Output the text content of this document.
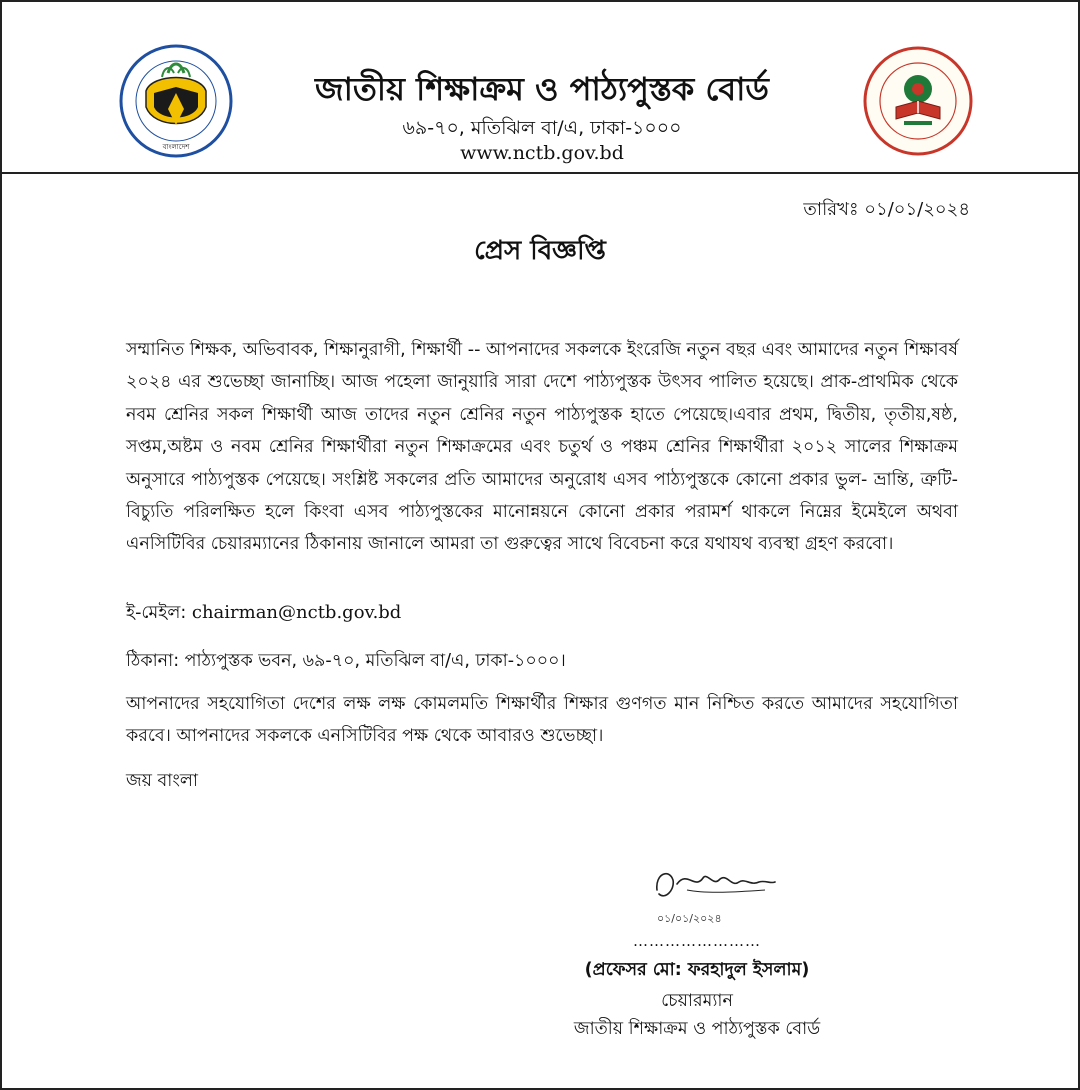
বাংলাদেশ
জাতীয় শিক্ষাক্রম ও পাঠ্যপুস্তক বোর্ড
৬৯-৭০, মতিঝিল বা/এ, ঢাকা-১০০০
www.nctb.gov.bd
তারিখঃ ০১/০১/২০২৪
প্রেস বিজ্ঞপ্তি

সম্মানিত শিক্ষক, অভিবাবক, শিক্ষানুরাগী, শিক্ষার্থী -- আপনাদের সকলকে ইংরেজি নতুন বছর এবং আমাদের নতুন শিক্ষাবর্ষ ২০২৪ এর শুভেচ্ছা জানাচ্ছি। আজ পহেলা জানুয়ারি সারা দেশে পাঠ্যপুস্তক উৎসব পালিত হয়েছে। প্রাক-প্রাথমিক থেকে নবম শ্রেনির সকল শিক্ষার্থী আজ তাদের নতুন শ্রেনির নতুন পাঠ্যপুস্তক হাতে পেয়েছে।এবার প্রথম, দ্বিতীয়, তৃতীয়,ষষ্ঠ, সপ্তম,অষ্টম ও নবম শ্রেনির শিক্ষার্থীরা নতুন শিক্ষাক্রমের এবং চতুর্থ ও পঞ্চম শ্রেনির শিক্ষার্থীরা ২০১২ সালের শিক্ষাক্রম অনুসারে পাঠ্যপুস্তক পেয়েছে। সংশ্লিষ্ট সকলের প্রতি আমাদের অনুরোধ এসব পাঠ্যপুস্তকে কোনো প্রকার ভুল- ভ্রান্তি, ত্রুটি-বিচ্যুতি পরিলক্ষিত হলে কিংবা এসব পাঠ্যপুস্তকের মানোন্নয়নে কোনো প্রকার পরামর্শ থাকলে নিম্নের ইমেইলে অথবা এনসিটিবির চেয়ারম্যানের ঠিকানায় জানালে আমরা তা গুরুত্বের সাথে বিবেচনা করে যথাযথ ব্যবস্থা গ্রহণ করবো।

ই-মেইল: chairman@nctb.gov.bd
ঠিকানা: পাঠ্যপুস্তক ভবন, ৬৯-৭০, মতিঝিল বা/এ, ঢাকা-১০০০।

আপনাদের সহযোগিতা দেশের লক্ষ লক্ষ কোমলমতি শিক্ষার্থীর শিক্ষার গুণগত মান নিশ্চিত করতে আমাদের সহযোগিতা করবে। আপনাদের সকলকে এনসিটিবির পক্ষ থেকে আবারও শুভেচ্ছা।

জয় বাংলা
০১/০১/২০২৪
……………………
(প্রফেসর মো: ফরহাদুল ইসলাম)
চেয়ারম্যান
জাতীয় শিক্ষাক্রম ও পাঠ্যপুস্তক বোর্ড
